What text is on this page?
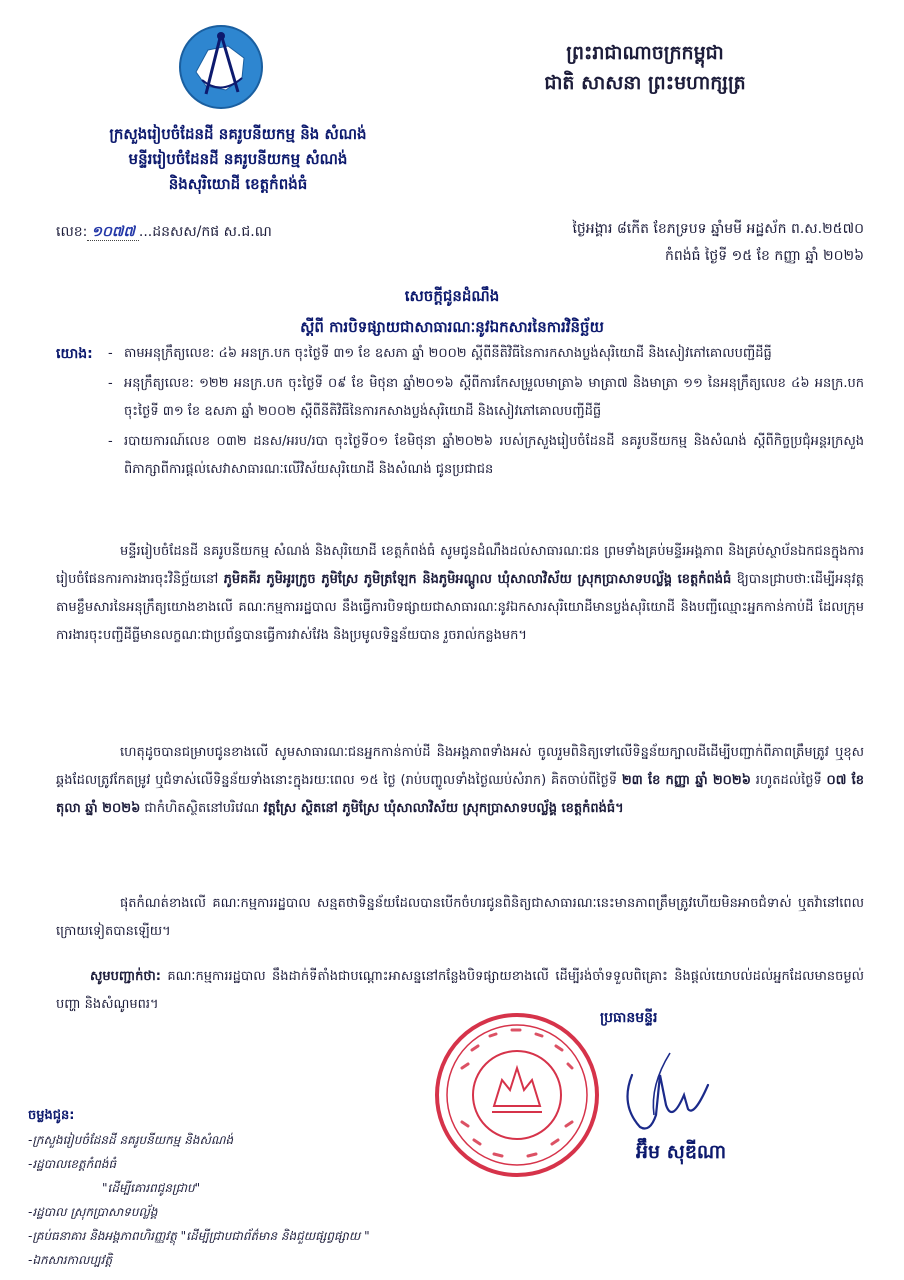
ព្រះរាជាណាចក្រកម្ពុជា
ជាតិ សាសនា ព្រះមហាក្សត្រ
ក្រសួងរៀបចំដែនដី នគរូបនីយកម្ម និង សំណង់
មន្ទីររៀបចំដែនដី នគរូបនីយកម្ម សំណង់
និងសុរិយោដី ខេត្តកំពង់ធំ
លេខ: ១០៧៧ ...ដនសស/កផ ស.ជ.ណ	ថ្ងៃអង្គារ ៨កើត ខែភទ្របទ ឆ្នាំមមី អដ្ឋស័ក ព.ស.២៥៧០
កំពង់ធំ ថ្ងៃទី ១៥ ខែ កញ្ញា ឆ្នាំ ២០២៦
សេចក្តីជូនដំណឹង
ស្តីពី ការបិទផ្សាយជាសាធារណៈនូវឯកសារនៃការវិនិច្ឆ័យ
យោង:
-	តាមអនុក្រឹត្យលេខ: ៤៦ អនក្រ.បក ចុះថ្ងៃទី ៣១ ខែ ឧសភា ឆ្នាំ ២០០២ ស្តីពីនីតិវិធីនៃការកសាងប្លង់សុរិយោដី និងសៀវភៅគោលបញ្ជីដីធ្លី
- អនុក្រឹត្យលេខ: ១២២ អនក្រ.បក ចុះថ្ងៃទី ០៩ ខែ មិថុនា ឆ្នាំ២០១៦ ស្តីពីការកែសម្រួលមាត្រា៦ មាត្រា៧ និងមាត្រា ១១ នៃអនុក្រឹត្យលេខ ៤៦ អនក្រ.បក ចុះថ្ងៃទី ៣១ ខែ ឧសភា ឆ្នាំ ២០០២ ស្តីពីនីតិវិធីនៃការកសាងប្លង់សុរិយោដី និងសៀវភៅគោលបញ្ជីដីធ្លី
- របាយការណ៍លេខ ០៣២ ដនស/អរប/របា ចុះថ្ងៃទី០១ ខែមិថុនា ឆ្នាំ២០២៦ របស់ក្រសួងរៀបចំដែនដី នគរូបនីយកម្ម និងសំណង់ ស្តីពីកិច្ចប្រជុំអន្តរក្រសួងពិភាក្សាពីការផ្តល់សេវាសាធារណៈលើវិស័យសុរិយោដី និងសំណង់ ជូនប្រជាជន
មន្ទីររៀបចំដែនដី នគរូបនីយកម្ម សំណង់ និងសុរិយោដី ខេត្តកំពង់ធំ សូមជូនដំណឹងដល់សាធារណៈជន ព្រមទាំងគ្រប់មន្ទីរអង្គភាព និងគ្រប់ស្ថាប័នឯកជនក្នុងការរៀបចំផែនការការងារចុះវិនិច្ឆ័យនៅ ភូមិគគីរ ភូមិអូរក្រូច ភូមិស្រែ ភូមិត្រឡែក និងភូមិអណ្តូល ឃុំសាលាវិស័យ ស្រុកប្រាសាទបល្ល័ង្គ ខេត្តកំពង់ធំ ឱ្យបានជ្រាបថា:ដើម្បីអនុវត្តតាមខ្លឹមសារនៃអនុក្រឹត្យយោងខាងលើ គណៈកម្មការរដ្ឋបាល នឹងធ្វើការបិទផ្សាយជាសាធារណៈនូវឯកសារសុរិយោដីមានប្លង់សុរិយោដី និងបញ្ជីឈ្មោះអ្នកកាន់កាប់ដី ដែលក្រុមការងារចុះបញ្ជីដីធ្លីមានលក្ខណៈជាប្រព័ន្ធបានធ្វើការវាស់វែង និងប្រមូលទិន្នន័យបាន រួចរាល់កន្លងមក។
ហេតុដូចបានជម្រាបជូនខាងលើ សូមសាធារណៈជនអ្នកកាន់កាប់ដី និងអង្គភាពទាំងអស់ ចូលរួមពិនិត្យទៅលើទិន្នន័យក្បាលដីដើម្បីបញ្ជាក់ពីភាពត្រឹមត្រូវ ឬខុសឆ្គងដែលត្រូវកែតម្រូវ ឬជំទាស់លើទិន្នន័យទាំងនោះក្នុងរយៈពេល ១៥ ថ្ងៃ (រាប់បញ្ចូលទាំងថ្ងៃឈប់សំរាក) គិតចាប់ពីថ្ងៃទី ២៣ ខែ កញ្ញា ឆ្នាំ ២០២៦ រហូតដល់ថ្ងៃទី ០៧ ខែ តុលា ឆ្នាំ ២០២៦ ជាកំហិតស្ថិតនៅបរិវេណ វត្តស្រែ ស្ថិតនៅ ភូមិស្រែ ឃុំសាលាវិស័យ ស្រុកប្រាសាទបល្ល័ង្គ ខេត្តកំពង់ធំ។
ផុតកំណត់ខាងលើ គណៈកម្មការរដ្ឋបាល សន្មតថាទិន្នន័យដែលបានបើកចំហរជូនពិនិត្យជាសាធារណៈនេះមានភាពត្រឹមត្រូវហើយមិនអាចជំទាស់ ឬតវ៉ានៅពេលក្រោយទៀតបានឡើយ។
សូមបញ្ជាក់ថា: គណៈកម្មការរដ្ឋបាល នឹងដាក់ទីតាំងជាបណ្តោះអាសន្ននៅកន្លែងបិទផ្សាយខាងលើ ដើម្បីរង់ចាំទទួលពិគ្រោះ និងផ្តល់យោបល់ដល់អ្នកដែលមានចម្ងល់ បញ្ហា និងសំណូមពរ។
ប្រធានមន្ទីរ
អ៊ឹម សុឌីណា
ចម្លងជូន:
-ក្រសួងរៀបចំដែនដី នគរូបនីយកម្ម និងសំណង់
-រដ្ឋបាលខេត្តកំពង់ធំ
"ដើម្បីគោរពជូនជ្រាប"
-រដ្ឋបាល ស្រុកប្រាសាទបល្ល័ង្គ
-គ្រប់ធនាគារ និងអង្គភាពហិរញ្ញវត្ថុ "ដើម្បីជ្រាបជាព័ត៌មាន និងជួយផ្សព្វផ្សាយ "
-ឯកសារកាលប្បវត្តិ
